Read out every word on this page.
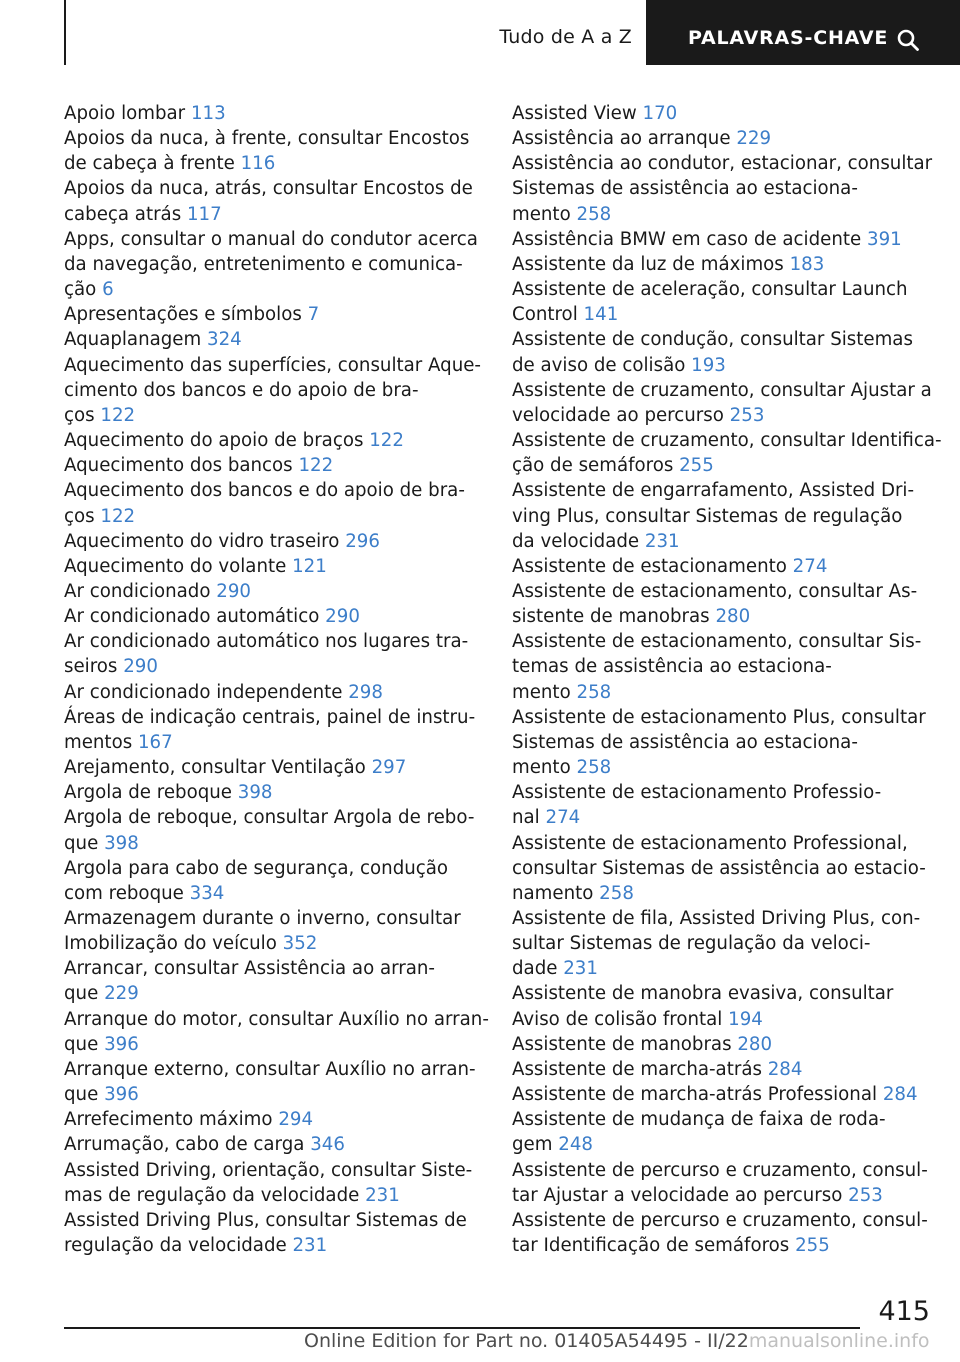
Tudo de A a Z	PALAVRAS-CHAVE
Apoio lombar 113
Apoios da nuca, à frente, consultar Encostos
de cabeça à frente 116
Apoios da nuca, atrás, consultar Encostos de
cabeça atrás 117
Apps, consultar o manual do condutor acerca
da navegação, entretenimento e comunica-
ção 6
Apresentações e símbolos 7
Aquaplanagem 324
Aquecimento das superfícies, consultar Aque-
cimento dos bancos e do apoio de bra-
ços 122
Aquecimento do apoio de braços 122
Aquecimento dos bancos 122
Aquecimento dos bancos e do apoio de bra-
ços 122
Aquecimento do vidro traseiro 296
Aquecimento do volante 121
Ar condicionado 290
Ar condicionado automático 290
Ar condicionado automático nos lugares tra-
seiros 290
Ar condicionado independente 298
Áreas de indicação centrais, painel de instru-
mentos 167
Arejamento, consultar Ventilação 297
Argola de reboque 398
Argola de reboque, consultar Argola de rebo-
que 398
Argola para cabo de segurança, condução
com reboque 334
Armazenagem durante o inverno, consultar
Imobilização do veículo 352
Arrancar, consultar Assistência ao arran-
que 229
Arranque do motor, consultar Auxílio no arran-
que 396
Arranque externo, consultar Auxílio no arran-
que 396
Arrefecimento máximo 294
Arrumação, cabo de carga 346
Assisted Driving, orientação, consultar Siste-
mas de regulação da velocidade 231
Assisted Driving Plus, consultar Sistemas de
regulação da velocidade 231
Assisted View 170
Assistência ao arranque 229
Assistência ao condutor, estacionar, consultar
Sistemas de assistência ao estaciona-
mento 258
Assistência BMW em caso de acidente 391
Assistente da luz de máximos 183
Assistente de aceleração, consultar Launch
Control 141
Assistente de condução, consultar Sistemas
de aviso de colisão 193
Assistente de cruzamento, consultar Ajustar a
velocidade ao percurso 253
Assistente de cruzamento, consultar Identifica-
ção de semáforos 255
Assistente de engarrafamento, Assisted Dri-
ving Plus, consultar Sistemas de regulação
da velocidade 231
Assistente de estacionamento 274
Assistente de estacionamento, consultar As-
sistente de manobras 280
Assistente de estacionamento, consultar Sis-
temas de assistência ao estaciona-
mento 258
Assistente de estacionamento Plus, consultar
Sistemas de assistência ao estaciona-
mento 258
Assistente de estacionamento Professio-
nal 274
Assistente de estacionamento Professional,
consultar Sistemas de assistência ao estacio-
namento 258
Assistente de fila, Assisted Driving Plus, con-
sultar Sistemas de regulação da veloci-
dade 231
Assistente de manobra evasiva, consultar
Aviso de colisão frontal 194
Assistente de manobras 280
Assistente de marcha-atrás 284
Assistente de marcha-atrás Professional 284
Assistente de mudança de faixa de roda-
gem 248
Assistente de percurso e cruzamento, consul-
tar Ajustar a velocidade ao percurso 253
Assistente de percurso e cruzamento, consul-
tar Identificação de semáforos 255
415
Online Edition for Part no. 01405A54495 - II/22manualsonline.info
